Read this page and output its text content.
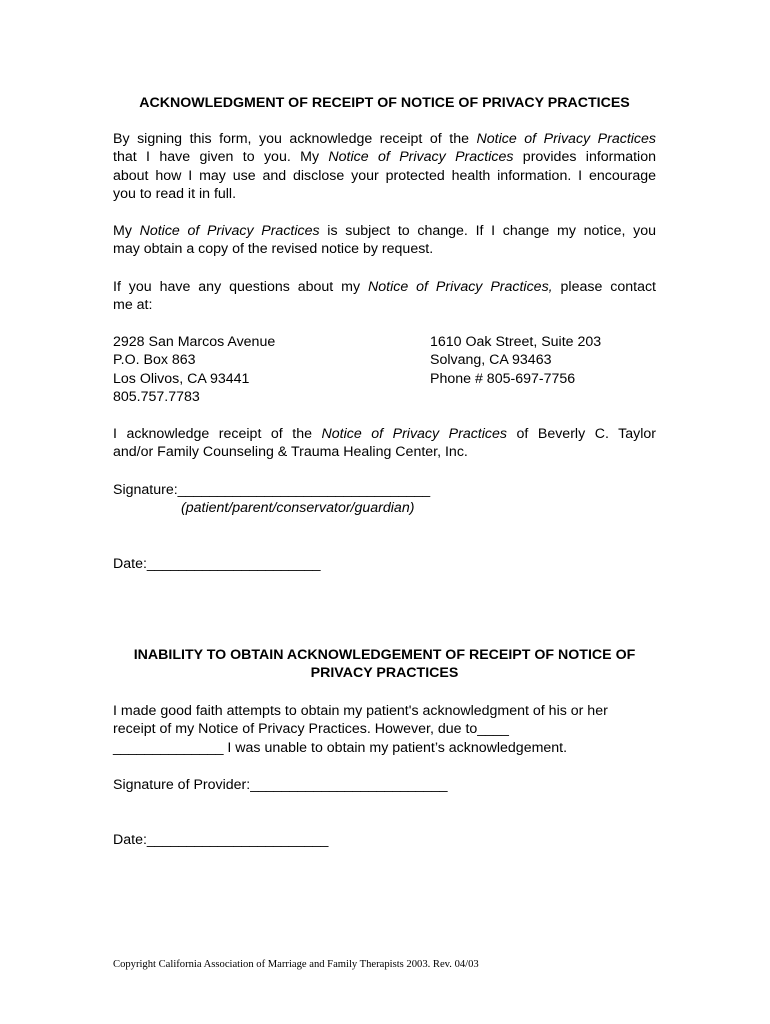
ACKNOWLEDGMENT OF RECEIPT OF NOTICE OF PRIVACY PRACTICES
By signing this form, you acknowledge receipt of the Notice of Privacy Practices
that I have given to you. My Notice of Privacy Practices provides information
about how I may use and disclose your protected health information. I encourage
you to read it in full.
My Notice of Privacy Practices is subject to change. If I change my notice, you
may obtain a copy of the revised notice by request.
If you have any questions about my Notice of Privacy Practices, please contact
me at:
2928 San Marcos Avenue
P.O. Box 863
Los Olivos, CA 93441
805.757.7783
1610 Oak Street, Suite 203
Solvang, CA 93463
Phone # 805-697-7756
I acknowledge receipt of the Notice of Privacy Practices of Beverly C. Taylor
and/or Family Counseling & Trauma Healing Center, Inc.
Signature:________________________________
(patient/parent/conservator/guardian)
Date:______________________
INABILITY TO OBTAIN ACKNOWLEDGEMENT OF RECEIPT OF NOTICE OF
PRIVACY PRACTICES
I made good faith attempts to obtain my patient's acknowledgment of his or her
receipt of my Notice of Privacy Practices. However, due to____
______________ I was unable to obtain my patient’s acknowledgement.
Signature of Provider:_________________________
Date:_______________________
Copyright California Association of Marriage and Family Therapists 2003. Rev. 04/03
